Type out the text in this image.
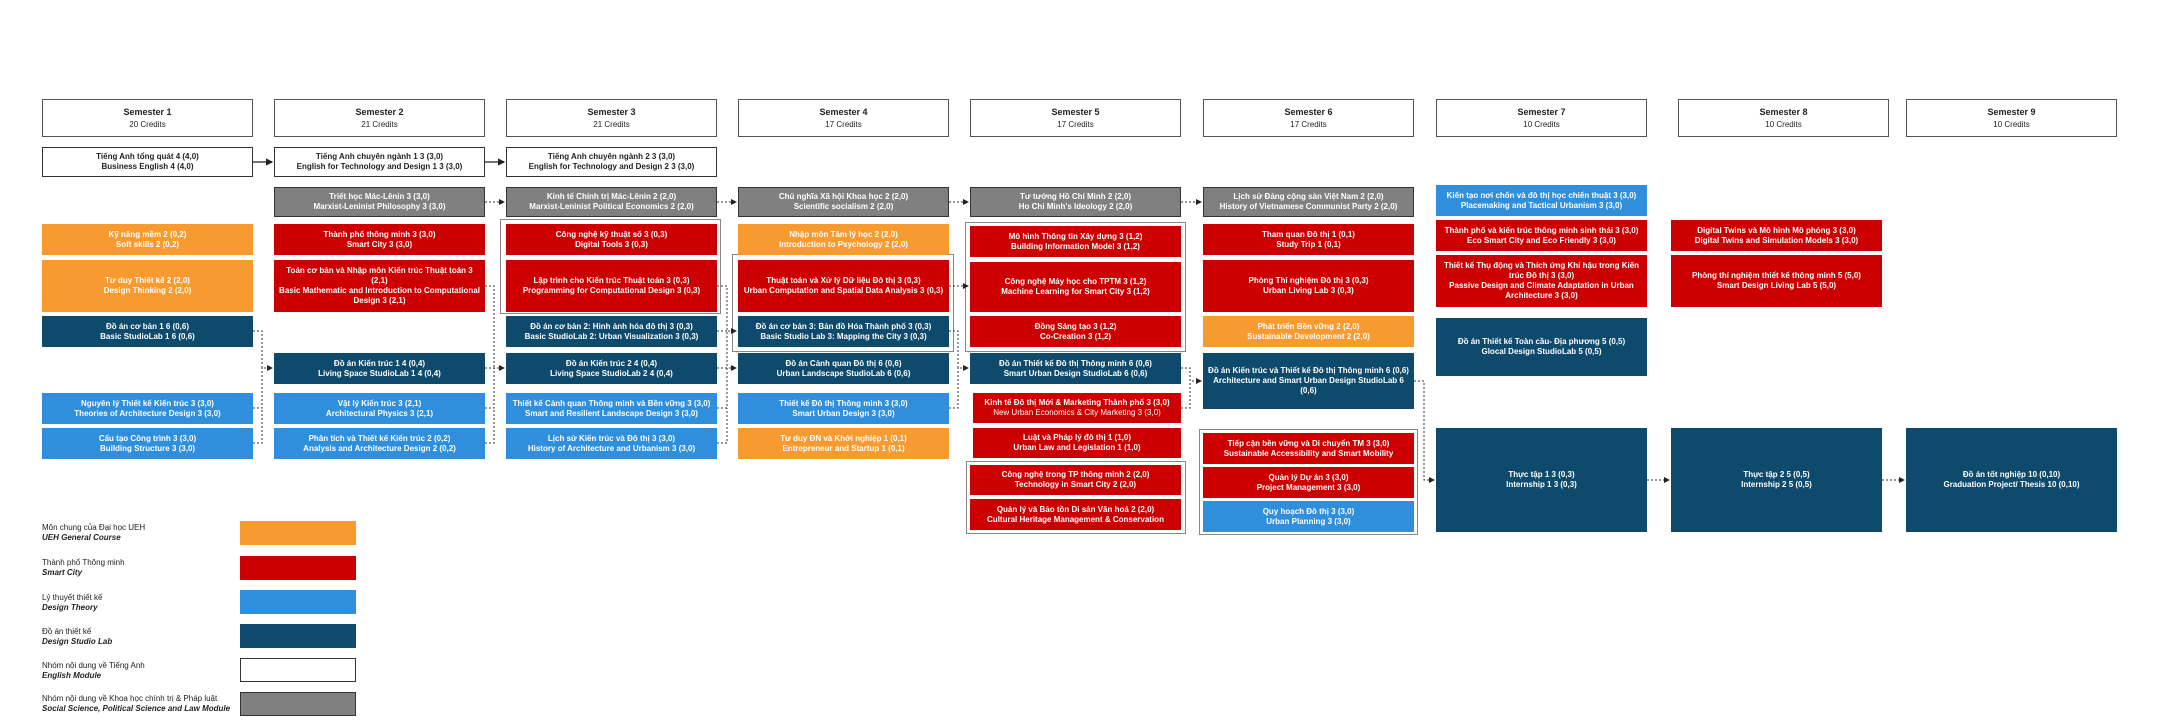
Semester 1
20 Credits
Semester 2
21 Credits
Semester 3
21 Credits
Semester 4
17 Credits
Semester 5
17 Credits
Semester 6
17 Credits
Semester 7
10 Credits
Semester 8
10 Credits
Semester 9
10 Credits
Tiếng Anh tổng quát 4 (4,0)
Business English 4 (4,0)
Kỹ năng mềm 2 (0,2)
Soft skills 2 (0,2)
Tư duy Thiết kế 2 (2,0)
Design Thinking 2 (2,0)
Đồ án cơ bản 1 6 (0,6)
Basic StudioLab 1 6 (0,6)
Nguyên lý Thiết kế Kiến trúc 3 (3,0)
Theories of Architecture Design 3 (3,0)
Cấu tạo Công trình 3 (3,0)
Building Structure 3 (3,0)
Tiếng Anh chuyên ngành 1 3 (3,0)
English for Technology and Design 1 3 (3,0)
Triết học Mác-Lênin 3 (3,0)
Marxist-Leninist Philosophy 3 (3,0)
Thành phố thông minh 3 (3,0)
Smart City 3 (3,0)
Toán cơ bản và Nhập môn Kiến trúc Thuật toán 3 (2,1)
Basic Mathematic and Introduction to Computational Design 3 (2,1)
Đồ án Kiến trúc 1 4 (0,4)
Living Space StudioLab 1 4 (0,4)
Vật lý Kiến trúc 3 (2,1)
Architectural Physics 3 (2,1)
Phân tích và Thiết kế Kiến trúc 2 (0,2)
Analysis and Architecture Design 2 (0,2)
Tiếng Anh chuyên ngành 2 3 (3,0)
English for Technology and Design 2 3 (3,0)
Kinh tế Chính trị Mác-Lênin 2 (2,0)
Marxist-Leninist Political Economics 2 (2,0)
Công nghệ kỹ thuật số 3 (0,3)
Digital Tools 3 (0,3)
Lập trình cho Kiến trúc Thuật toán 3 (0,3)
Programming for Computational Design 3 (0,3)
Đồ án cơ bản 2: Hình ảnh hóa đô thị 3 (0,3)
Basic StudioLab 2: Urban Visualization 3 (0,3)
Đồ án Kiến trúc 2 4 (0,4)
Living Space StudioLab 2 4 (0,4)
Thiết kế Cảnh quan Thông minh và Bền vững 3 (3,0)
Smart and Resilient Landscape Design 3 (3,0)
Lịch sử Kiến trúc và Đô thị 3 (3,0)
History of Architecture and Urbanism 3 (3,0)
Chủ nghĩa Xã hội Khoa học 2 (2,0)
Scientific socialism 2 (2,0)
Nhập môn Tâm lý học 2 (2,0)
Introduction to Psychology 2 (2,0)
Thuật toán và Xử lý Dữ liệu Đô thị 3 (0,3)
Urban Computation and Spatial Data Analysis 3 (0,3)
Đồ án cơ bản 3: Bản đồ Hóa Thành phố 3 (0,3)
Basic Studio Lab 3: Mapping the City 3 (0,3)
Đồ án Cảnh quan Đô thị 6 (0,6)
Urban Landscape StudioLab 6 (0,6)
Thiết kế Đô thị Thông minh 3 (3,0)
Smart Urban Design 3 (3,0)
Tư duy ĐN và Khởi nghiệp 1 (0,1)
Entrepreneur and Startup 1 (0,1)
Tư tưởng Hồ Chí Minh 2 (2,0)
Ho Chi Minh's Ideology 2 (2,0)
Mô hình Thông tin Xây dựng 3 (1,2)
Building Information Model 3 (1,2)
Công nghệ Máy học cho TPTM 3 (1,2)
Machine Learning for Smart City 3 (1,2)
Đồng Sáng tạo 3 (1,2)
Co-Creation 3 (1,2)
Đồ án Thiết kế Đô thị Thông minh 6 (0,6)
Smart Urban Design StudioLab 6 (0,6)
Kinh tế Đô thị Mới & Marketing Thành phố 3 (3,0)
New Urban Economics & City Marketing 3 (3,0)
Luật và Pháp lý đô thị 1 (1,0)
Urban Law and Legislation 1 (1,0)
Công nghệ trong TP thông minh 2 (2,0)
Technology in Smart City 2 (2,0)
Quản lý và Bảo tồn Di sản Văn hoá 2 (2,0)
Cultural Heritage Management & Conservation
Lịch sử Đảng cộng sản Việt Nam 2 (2,0)
History of Vietnamese Communist Party 2 (2,0)
Tham quan Đô thị 1 (0,1)
Study Trip 1 (0,1)
Phòng Thí nghiệm Đô thị 3 (0,3)
Urban Living Lab 3 (0,3)
Phát triển Bền vững 2 (2,0)
Sustainable Development 2 (2,0)
Đồ án Kiến trúc và Thiết kế Đô thị Thông minh 6 (0,6)
Architecture and Smart Urban Design StudioLab 6 (0,6)
Tiếp cận bền vững và Di chuyển TM 3 (3,0)
Sustainable Accessibility and Smart Mobility
Quản lý Dự án 3 (3,0)
Project Management 3 (3,0)
Quy hoạch Đô thị 3 (3,0)
Urban Planning 3 (3,0)
Kiến tạo nơi chốn và đô thị học chiến thuật 3 (3,0)
Placemaking and Tactical Urbanism 3 (3,0)
Thành phố và kiến trúc thông minh sinh thái 3 (3,0)
Eco Smart City and Eco Friendly 3 (3,0)
Thiết kế Thụ động và Thích ứng Khí hậu trong Kiến trúc Đô thị 3 (3,0)
Passive Design and Climate Adaptation in Urban Architecture 3 (3,0)
Đồ án Thiết kế Toàn cầu- Địa phương 5 (0,5)
Glocal Design StudioLab 5 (0,5)
Thực tập 1 3 (0,3)
Internship 1 3 (0,3)
Digital Twins và Mô hình Mô phỏng 3 (3,0)
Digital Twins and Simulation Models 3 (3,0)
Phòng thí nghiệm thiết kế thông minh 5 (5,0)
Smart Design Living Lab 5 (5,0)
Thực tập 2 5 (0,5)
Internship 2 5 (0,5)
Đồ án tốt nghiệp 10 (0,10)
Graduation Project/ Thesis 10 (0,10)
Môn chung của Đại học UEH
UEH General Course
Thành phố Thông minh
Smart City
Lý thuyết thiết kế
Design Theory
Đồ án thiết kế
Design Studio Lab
Nhóm nội dung về Tiếng Anh
English Module
Nhóm nội dung về Khoa học chính trị & Pháp luật
Social Science, Political Science and Law Module
